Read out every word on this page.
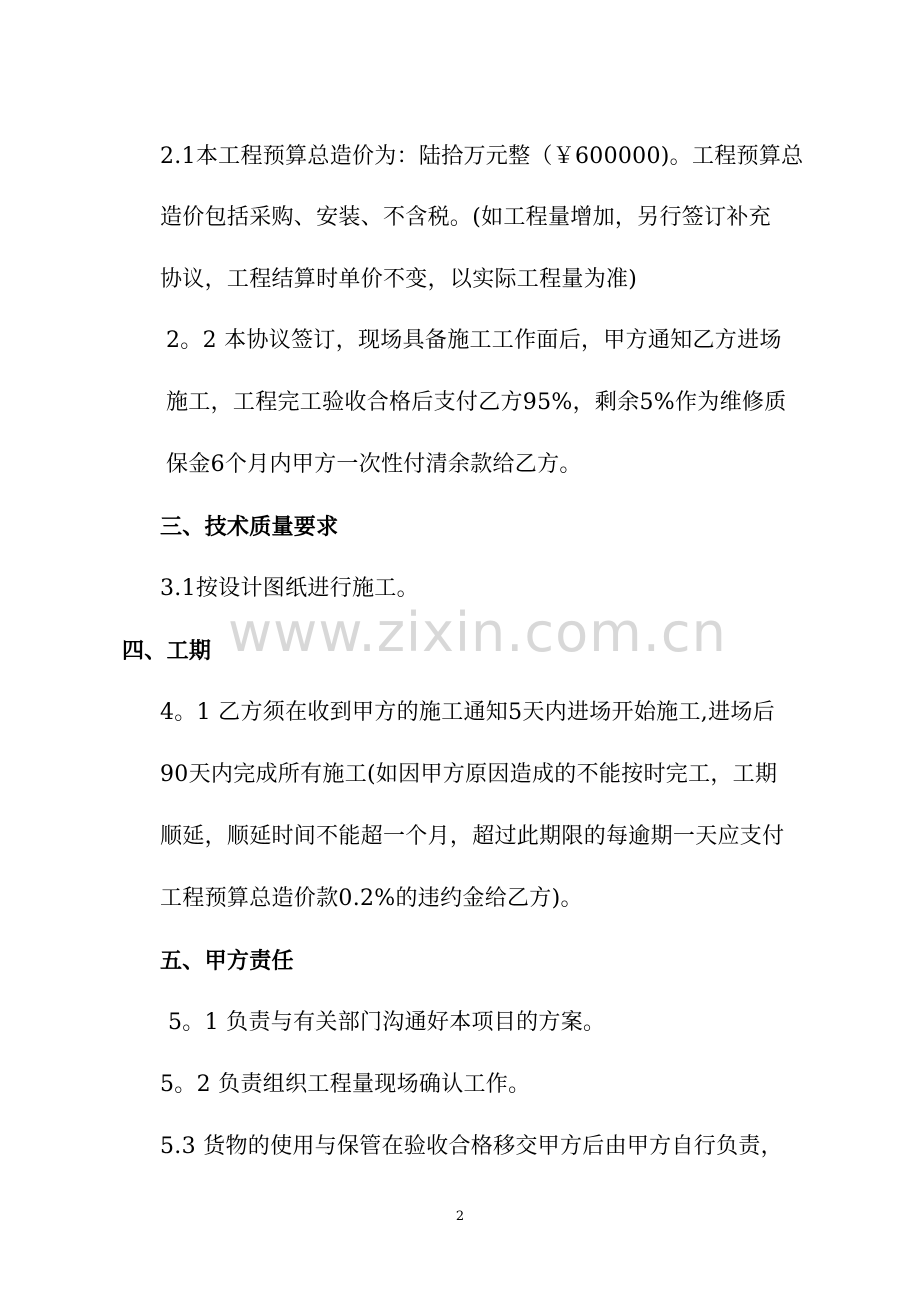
2.1本工程预算总造价为：陆拾万元整（￥600000)。工程预算总
造价包括采购、安装、不含税。(如工程量增加，另行签订补充
协议，工程结算时单价不变，以实际工程量为准)
2。2 本协议签订，现场具备施工工作面后，甲方通知乙方进场
施工，工程完工验收合格后支付乙方95%，剩余5%作为维修质
保金6个月内甲方一次性付清余款给乙方。
三、技术质量要求
3.1按设计图纸进行施工。
四、工期
4。1 乙方须在收到甲方的施工通知5天内进场开始施工,进场后
90天内完成所有施工(如因甲方原因造成的不能按时完工，工期
顺延，顺延时间不能超一个月，超过此期限的每逾期一天应支付
工程预算总造价款0.2%的违约金给乙方)。
五、甲方责任
5。1 负责与有关部门沟通好本项目的方案。
5。2 负责组织工程量现场确认工作。
5.3 货物的使用与保管在验收合格移交甲方后由甲方自行负责，
www.zixin.com.cn
2
